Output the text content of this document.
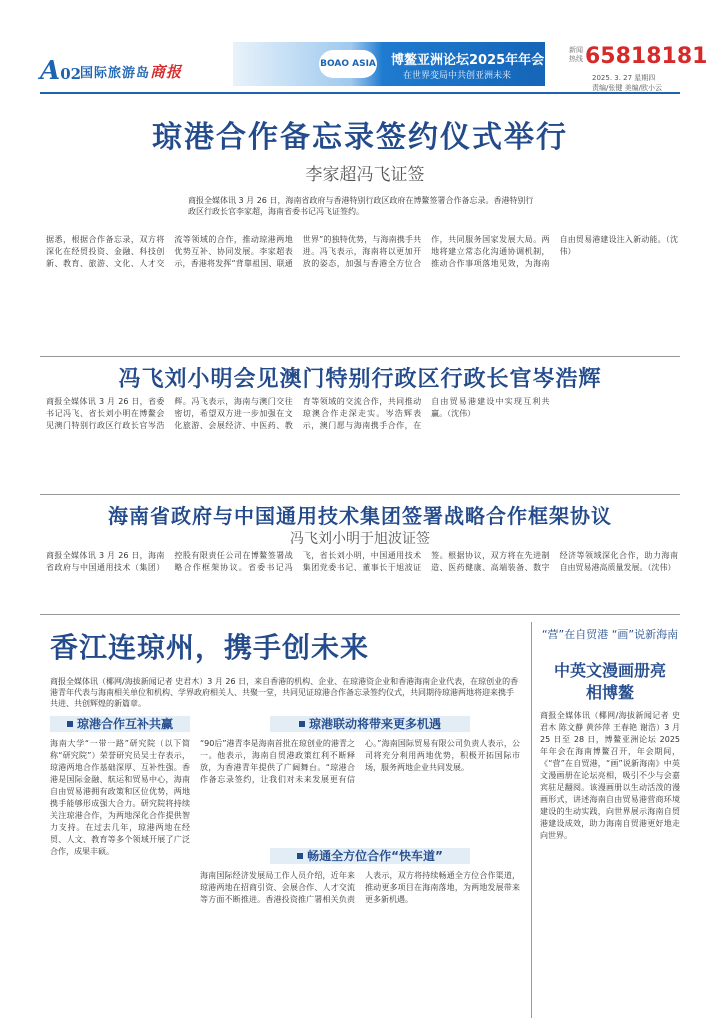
A02
国际旅游岛商报	BOAO ASIA 博鳌亚洲论坛2025年年会
在世界变局中共创亚洲未来
新闻热线 65818181
2025. 3. 27 星期四
责编/张键 美编/欧小云
琼港合作备忘录签约仪式举行
李家超冯飞证签
商报全媒体讯 3 月 26 日，海南省政府与香港特别行政区政府在博鳌签署合作备忘录。香港特别行政区行政长官李家超，海南省委书记冯飞证签约。
据悉，根据合作备忘录，双方将深化在经贸投资、金融、科技创新、教育、旅游、文化、人才交流等领域的合作，推动琼港两地优势互补、协同发展。李家超表示，香港将发挥“背靠祖国、联通世界”的独特优势，与海南携手共进。冯飞表示，海南将以更加开放的姿态，加强与香港全方位合作，共同服务国家发展大局。两地将建立常态化沟通协调机制，推动合作事项落地见效，为海南自由贸易港建设注入新动能。（沈伟）
冯飞刘小明会见澳门特别行政区行政长官岑浩辉
商报全媒体讯 3 月 26 日，省委书记冯飞、省长刘小明在博鳌会见澳门特别行政区行政长官岑浩辉。冯飞表示，海南与澳门交往密切，希望双方进一步加强在文化旅游、会展经济、中医药、教育等领域的交流合作，共同推动琼澳合作走深走实。岑浩辉表示，澳门愿与海南携手合作，在自由贸易港建设中实现互利共赢。（沈伟）
海南省政府与中国通用技术集团签署战略合作框架协议
冯飞刘小明于旭波证签
商报全媒体讯 3 月 26 日，海南省政府与中国通用技术（集团）控股有限责任公司在博鳌签署战略合作框架协议。省委书记冯飞，省长刘小明，中国通用技术集团党委书记、董事长于旭波证签。根据协议，双方将在先进制造、医药健康、高端装备、数字经济等领域深化合作，助力海南自由贸易港高质量发展。（沈伟）
香江连琼州，携手创未来
商报全媒体讯（椰网/海拔新闻记者 史君木）3 月 26 日，来自香港的机构、企业、在琼港资企业和香港海南企业代表，在琼创业的香港青年代表与海南相关单位和机构、学界政府相关人、共聚一堂，共同见证琼港合作备忘录签约仪式，共同期待琼港两地将迎来携手共进、共创辉煌的新篇章。
琼港合作互补共赢
海南大学“一带一路”研究院（以下简称“研究院”）荣誉研究员吴士存表示，琼港两地合作基础深厚、互补性强。香港是国际金融、航运和贸易中心，海南自由贸易港拥有政策和区位优势，两地携手能够形成强大合力。研究院将持续关注琼港合作，为两地深化合作提供智力支持。在过去几年，琼港两地在经贸、人文、教育等多个领域开展了广泛合作，成果丰硕。
琼港联动将带来更多机遇
“90后”港青李是海南首批在琼创业的港青之一。他表示，海南自贸港政策红利不断释放，为香港青年提供了广阔舞台。“琼港合作备忘录签约，让我们对未来发展更有信心。”海南国际贸易有限公司负责人表示，公司将充分利用两地优势，积极开拓国际市场，服务两地企业共同发展。
畅通全方位合作“快车道”
海南国际经济发展局工作人员介绍，近年来琼港两地在招商引资、会展合作、人才交流等方面不断推进。香港投资推广署相关负责人表示，双方将持续畅通全方位合作渠道，推动更多项目在海南落地，为两地发展带来更多新机遇。
“营”在自贸港 “画”说新海南
中英文漫画册亮相博鳌
商报全媒体讯（椰网/海拔新闻记者 史君木 陈文静 黄莎萍 王春艳 谢浩）3 月 25 日至 28 日，博鳌亚洲论坛 2025 年年会在海南博鳌召开，年会期间，《“营”在自贸港，“画”说新海南》中英文漫画册在论坛亮相，吸引不少与会嘉宾驻足翻阅。该漫画册以生动活泼的漫画形式，讲述海南自由贸易港营商环境建设的生动实践，向世界展示海南自贸港建设成效，助力海南自贸港更好地走向世界。
